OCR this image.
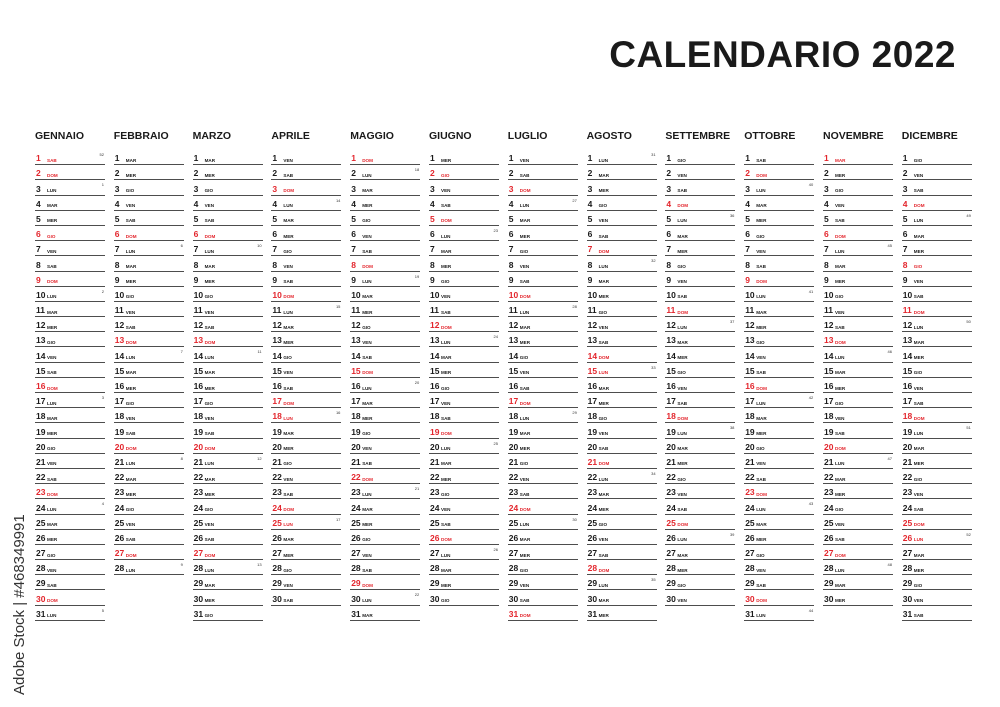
CALENDARIO 2022
GENNAIO
1 SAB
52
2 DOM
3 LUN
1
4 MAR
5 MER
6 GIO
7 VEN
8 SAB
9 DOM
10 LUN
2
11 MAR
12 MER
13 GIO
14 VEN
15 SAB
16 DOM
17 LUN
3
18 MAR
19 MER
20 GIO
21 VEN
22 SAB
23 DOM
24 LUN
4
25 MAR
26 MER
27 GIO
28 VEN
29 SAB
30 DOM
31 LUN
5
FEBBRAIO
1 MAR
2 MER
3 GIO
4 VEN
5 SAB
6 DOM
7 LUN
6
8 MAR
9 MER
10 GIO
11 VEN
12 SAB
13 DOM
14 LUN
7
15 MAR
16 MER
17 GIO
18 VEN
19 SAB
20 DOM
21 LUN
8
22 MAR
23 MER
24 GIO
25 VEN
26 SAB
27 DOM
28 LUN
9
MARZO
1 MAR
2 MER
3 GIO
4 VEN
5 SAB
6 DOM
7 LUN
10
8 MAR
9 MER
10 GIO
11 VEN
12 SAB
13 DOM
14 LUN
11
15 MAR
16 MER
17 GIO
18 VEN
19 SAB
20 DOM
21 LUN
12
22 MAR
23 MER
24 GIO
25 VEN
26 SAB
27 DOM
28 LUN
13
29 MAR
30 MER
31 GIO
APRILE
1 VEN
2 SAB
3 DOM
4 LUN
14
5 MAR
6 MER
7 GIO
8 VEN
9 SAB
10 DOM
11 LUN
15
12 MAR
13 MER
14 GIO
15 VEN
16 SAB
17 DOM
18 LUN
16
19 MAR
20 MER
21 GIO
22 VEN
23 SAB
24 DOM
25 LUN
17
26 MAR
27 MER
28 GIO
29 VEN
30 SAB
MAGGIO
1 DOM
2 LUN
18
3 MAR
4 MER
5 GIO
6 VEN
7 SAB
8 DOM
9 LUN
19
10 MAR
11 MER
12 GIO
13 VEN
14 SAB
15 DOM
16 LUN
20
17 MAR
18 MER
19 GIO
20 VEN
21 SAB
22 DOM
23 LUN
21
24 MAR
25 MER
26 GIO
27 VEN
28 SAB
29 DOM
30 LUN
22
31 MAR
GIUGNO
1 MER
2 GIO
3 VEN
4 SAB
5 DOM
6 LUN
23
7 MAR
8 MER
9 GIO
10 VEN
11 SAB
12 DOM
13 LUN
24
14 MAR
15 MER
16 GIO
17 VEN
18 SAB
19 DOM
20 LUN
25
21 MAR
22 MER
23 GIO
24 VEN
25 SAB
26 DOM
27 LUN
26
28 MAR
29 MER
30 GIO
LUGLIO
1 VEN
2 SAB
3 DOM
4 LUN
27
5 MAR
6 MER
7 GIO
8 VEN
9 SAB
10 DOM
11 LUN
28
12 MAR
13 MER
14 GIO
15 VEN
16 SAB
17 DOM
18 LUN
29
19 MAR
20 MER
21 GIO
22 VEN
23 SAB
24 DOM
25 LUN
30
26 MAR
27 MER
28 GIO
29 VEN
30 SAB
31 DOM
AGOSTO
1 LUN
31
2 MAR
3 MER
4 GIO
5 VEN
6 SAB
7 DOM
8 LUN
32
9 MAR
10 MER
11 GIO
12 VEN
13 SAB
14 DOM
15 LUN
33
16 MAR
17 MER
18 GIO
19 VEN
20 SAB
21 DOM
22 LUN
34
23 MAR
24 MER
25 GIO
26 VEN
27 SAB
28 DOM
29 LUN
35
30 MAR
31 MER
SETTEMBRE
1 GIO
2 VEN
3 SAB
4 DOM
5 LUN
36
6 MAR
7 MER
8 GIO
9 VEN
10 SAB
11 DOM
12 LUN
37
13 MAR
14 MER
15 GIO
16 VEN
17 SAB
18 DOM
19 LUN
38
20 MAR
21 MER
22 GIO
23 VEN
24 SAB
25 DOM
26 LUN
39
27 MAR
28 MER
29 GIO
30 VEN
OTTOBRE
1 SAB
2 DOM
3 LUN
40
4 MAR
5 MER
6 GIO
7 VEN
8 SAB
9 DOM
10 LUN
41
11 MAR
12 MER
13 GIO
14 VEN
15 SAB
16 DOM
17 LUN
42
18 MAR
19 MER
20 GIO
21 VEN
22 SAB
23 DOM
24 LUN
43
25 MAR
26 MER
27 GIO
28 VEN
29 SAB
30 DOM
31 LUN
44
NOVEMBRE
1 MAR
2 MER
3 GIO
4 VEN
5 SAB
6 DOM
7 LUN
45
8 MAR
9 MER
10 GIO
11 VEN
12 SAB
13 DOM
14 LUN
46
15 MAR
16 MER
17 GIO
18 VEN
19 SAB
20 DOM
21 LUN
47
22 MAR
23 MER
24 GIO
25 VEN
26 SAB
27 DOM
28 LUN
48
29 MAR
30 MER
DICEMBRE
1 GIO
2 VEN
3 SAB
4 DOM
5 LUN
49
6 MAR
7 MER
8 GIO
9 VEN
10 SAB
11 DOM
12 LUN
50
13 MAR
14 MER
15 GIO
16 VEN
17 SAB
18 DOM
19 LUN
51
20 MAR
21 MER
22 GIO
23 VEN
24 SAB
25 DOM
26 LUN
52
27 MAR
28 MER
29 GIO
30 VEN
31 SAB
Adobe Stock | #468349991
